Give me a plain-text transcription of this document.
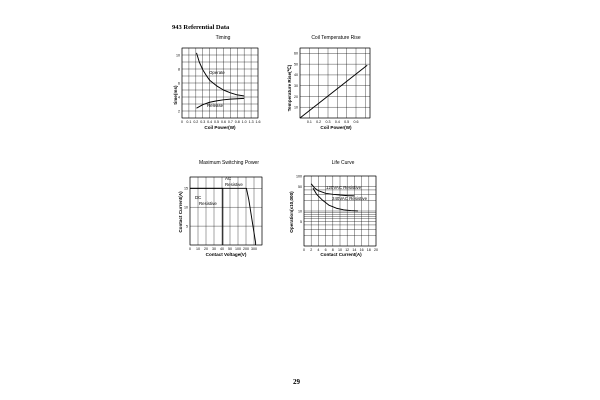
943 Referential Data
Timing
0 0.1 0.2 0.3 0.4 0.5 0.6 0.7 0.8 1.0 1.3 1.6
2
4
6
8
10
Operate
Release
Coil Power(W)
time(ms)
Coil Temperature Rise
0.1 0.2 0.3 0.4 0.5 0.6
10
20
30
40
50
60
Coil Power(W)
Temperature Rise(℃)
Maximum Switching Power
0 10 20 30 40 50 100 200 300
5
10
15
AC
Resistive
DC
Resistive
Contact Voltage(V)
Contact Current(A)
Life Curve
0 2 4 6 8 10 12 14 16 18 20
5
10
50
100
120VAC Resistive
240VAC Resistive
Contact Current(A)
Operation(x10,000)
29
